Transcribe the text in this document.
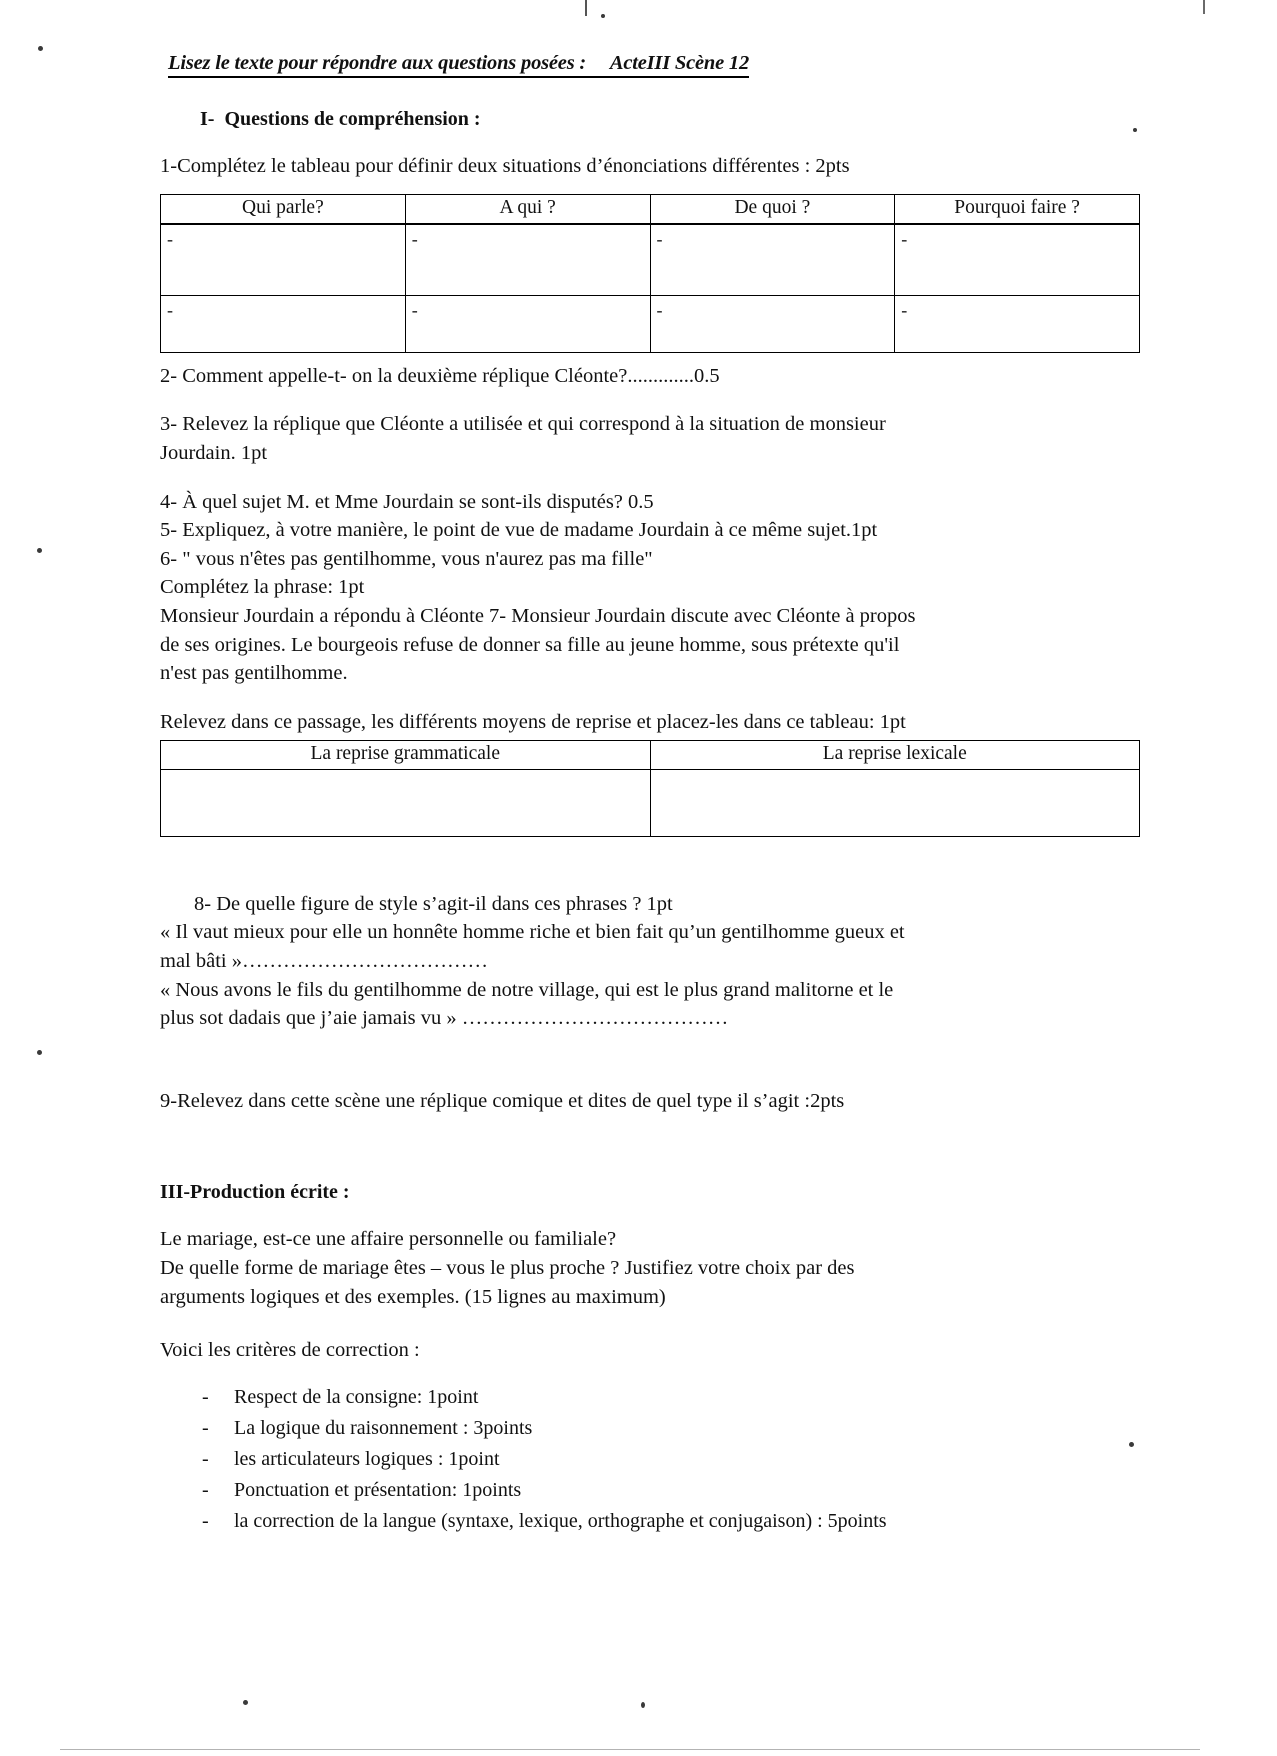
Lisez le texte pour répondre aux questions posées :     ActeIII Scène 12
I-  Questions de compréhension :
1-Complétez le tableau pour définir deux situations d’énonciations différentes : 2pts
Qui parle?	A qui ?	De quoi ?	Pourquoi faire ?
-	-	-	-
-	-	-	-
2- Comment appelle-t- on la deuxième réplique Cléonte?.............0.5
3- Relevez la réplique que Cléonte a utilisée et qui correspond à la situation de monsieur
Jourdain. 1pt
4- À quel sujet M. et Mme Jourdain se sont-ils disputés? 0.5
5- Expliquez, à votre manière, le point de vue de madame Jourdain à ce même sujet.1pt
6- " vous n'êtes pas gentilhomme, vous n'aurez pas ma fille"
Complétez la phrase: 1pt
Monsieur Jourdain a répondu à Cléonte 7- Monsieur Jourdain discute avec Cléonte à propos
de ses origines. Le bourgeois refuse de donner sa fille au jeune homme, sous prétexte qu'il
n'est pas gentilhomme.
Relevez dans ce passage, les différents moyens de reprise et placez-les dans ce tableau: 1pt
La reprise grammaticale	La reprise lexicale

8- De quelle figure de style s’agit-il dans ces phrases ? 1pt
« Il vaut mieux pour elle un honnête homme riche et bien fait qu’un gentilhomme gueux et
mal bâti »………………………………
« Nous avons le fils du gentilhomme de notre village, qui est le plus grand malitorne et le
plus sot dadais que j’aie jamais vu » …………………………………
9-Relevez dans cette scène une réplique comique et dites de quel type il s’agit :2pts
III-Production écrite :
Le mariage, est-ce une affaire personnelle ou familiale?
De quelle forme de mariage êtes – vous le plus proche ? Justifiez votre choix par des
arguments logiques et des exemples. (15 lignes au maximum)
Voici les critères de correction :
- Respect de la consigne: 1point
- La logique du raisonnement : 3points
- les articulateurs logiques : 1point
- Ponctuation et présentation: 1points
- la correction de la langue (syntaxe, lexique, orthographe et conjugaison) : 5points
